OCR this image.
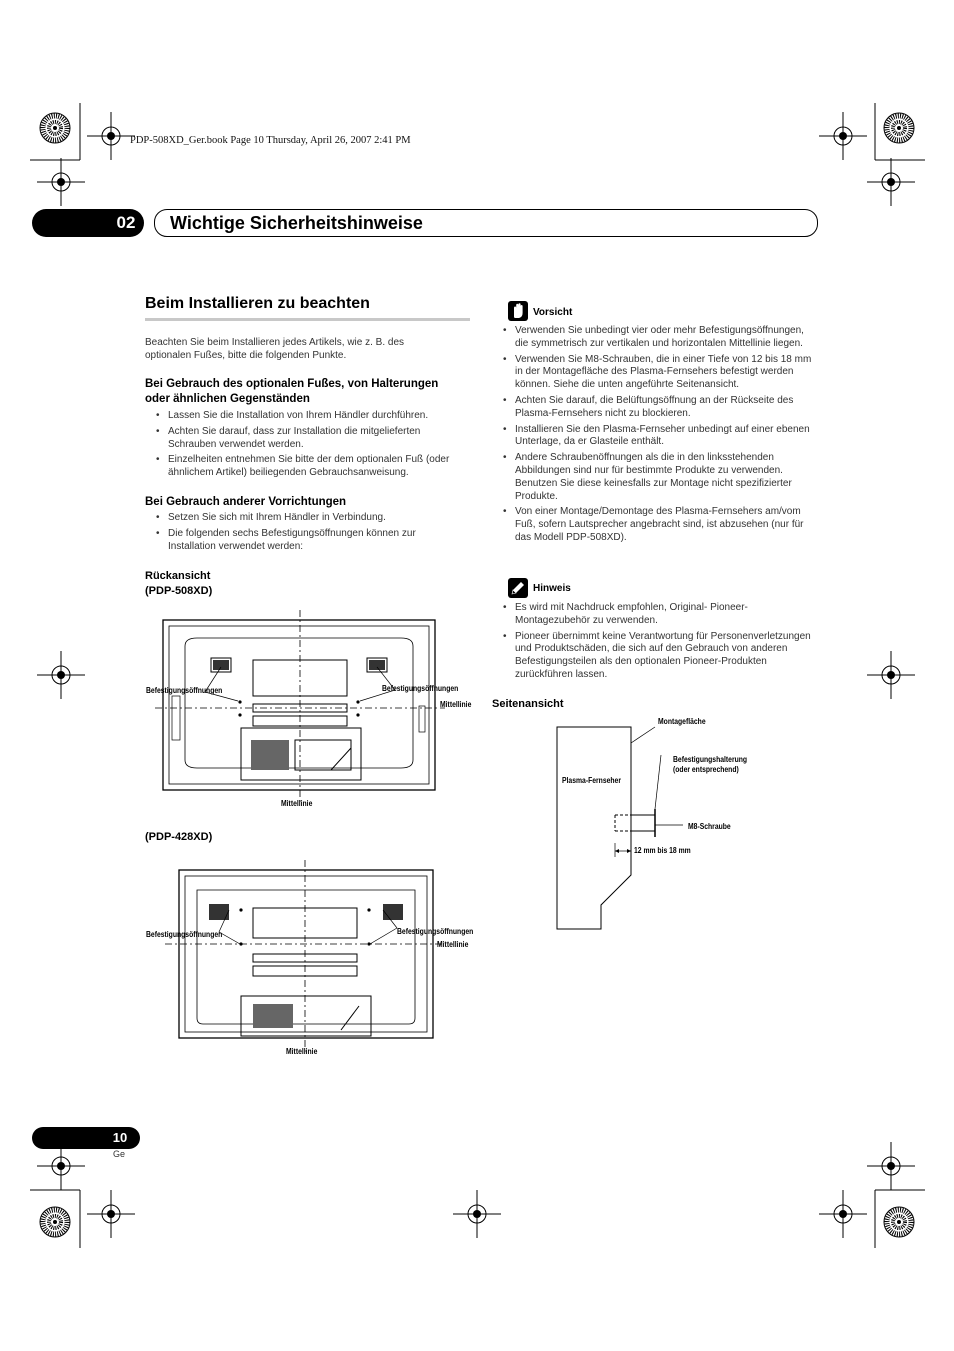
PDP-508XD_Ger.book Page 10 Thursday, April 26, 2007 2:41 PM
02	Wichtige Sicherheitshinweise
Beim Installieren zu beachten
Beachten Sie beim Installieren jedes Artikels, wie z. B. des optionalen Fußes, bitte die folgenden Punkte.
Bei Gebrauch des optionalen Fußes, von Halterungen
oder ähnlichen Gegenständen
• Lassen Sie die Installation von Ihrem Händler durchführen.
• Achten Sie darauf, dass zur Installation die mitgelieferten Schrauben verwendet werden.
• Einzelheiten entnehmen Sie bitte der dem optionalen Fuß (oder ähnlichem Artikel) beiliegenden Gebrauchsanweisung.
Bei Gebrauch anderer Vorrichtungen
• Setzen Sie sich mit Ihrem Händler in Verbindung.
• Die folgenden sechs Befestigungsöffnungen können zur Installation verwendet werden:
Rückansicht
(PDP-508XD)
Befestigungsöffnungen	Befestigungsöffnungen
Mittellinie
Mittellinie
(PDP-428XD)
Befestigungsöffnungen	Befestigungsöffnungen
Mittellinie
Mittellinie
Vorsicht
• Verwenden Sie unbedingt vier oder mehr Befestigungsöffnungen, die symmetrisch zur vertikalen und horizontalen Mittellinie liegen.
• Verwenden Sie M8-Schrauben, die in einer Tiefe von 12 bis 18 mm in der Montagefläche des Plasma-Fernsehers befestigt werden können. Siehe die unten angeführte Seitenansicht.
• Achten Sie darauf, die Belüftungsöffnung an der Rückseite des Plasma-Fernsehers nicht zu blockieren.
• Installieren Sie den Plasma-Fernseher unbedingt auf einer ebenen Unterlage, da er Glasteile enthält.
• Andere Schraubenöffnungen als die in den linksstehenden Abbildungen sind nur für bestimmte Produkte zu verwenden. Benutzen Sie diese keinesfalls zur Montage nicht spezifizierter Produkte.
• Von einer Montage/Demontage des Plasma-Fernsehers am/vom Fuß, sofern Lautsprecher angebracht sind, ist abzusehen (nur für das Modell PDP-508XD).
Hinweis
• Es wird mit Nachdruck empfohlen, Original- Pioneer-Montagezubehör zu verwenden.
• Pioneer übernimmt keine Verantwortung für Personenverletzungen und Produktschäden, die sich auf den Gebrauch von anderen Befestigungsteilen als den optionalen Pioneer-Produkten zurückführen lassen.
Seitenansicht
Montagefläche
Befestigungshalterung
(oder entsprechend)
Plasma-Fernseher
M8-Schraube
12 mm bis 18 mm
10
Ge
